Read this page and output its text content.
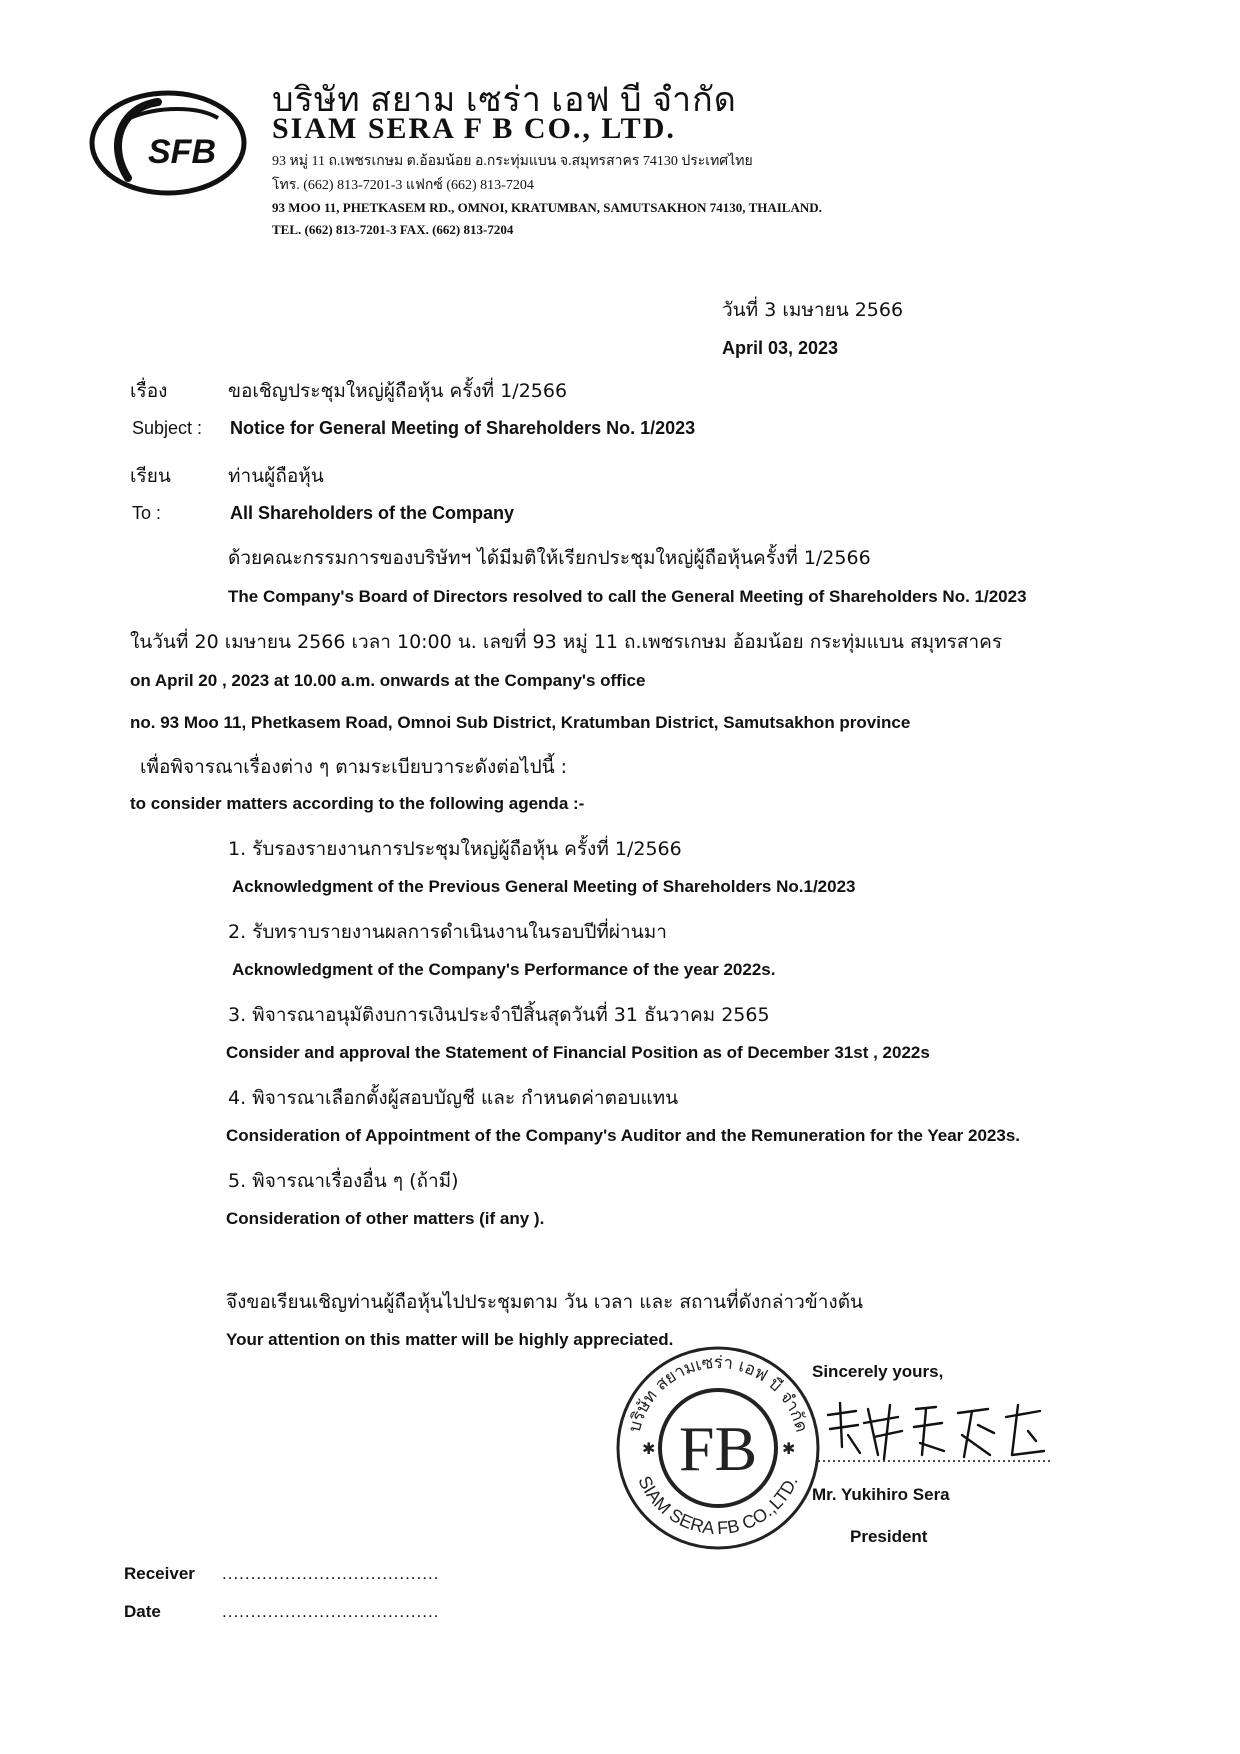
SFB
บริษัท สยาม เซร่า เอฟ บี จำกัด
SIAM SERA F B CO., LTD.
93 หมู่ 11 ถ.เพชรเกษม ต.อ้อมน้อย อ.กระทุ่มแบน จ.สมุทรสาคร 74130 ประเทศไทย
โทร. (662) 813-7201-3 แฟกซ์ (662) 813-7204
93 MOO 11, PHETKASEM RD., OMNOI, KRATUMBAN, SAMUTSAKHON 74130, THAILAND.
TEL. (662) 813-7201-3 FAX. (662) 813-7204
วันที่ 3 เมษายน 2566
April 03, 2023
เรื่อง	ขอเชิญประชุมใหญ่ผู้ถือหุ้น ครั้งที่ 1/2566
Subject : Notice for General Meeting of Shareholders No. 1/2023
เรียน	ท่านผู้ถือหุ้น
To :	All Shareholders of the Company
ด้วยคณะกรรมการของบริษัทฯ ได้มีมติให้เรียกประชุมใหญ่ผู้ถือหุ้นครั้งที่ 1/2566
The Company's Board of Directors resolved to call the General Meeting of Shareholders No. 1/2023
ในวันที่ 20 เมษายน 2566 เวลา 10:00 น. เลขที่ 93 หมู่ 11 ถ.เพชรเกษม อ้อมน้อย กระทุ่มแบน สมุทรสาคร
on April 20 , 2023 at 10.00 a.m. onwards at the Company's office
no. 93 Moo 11, Phetkasem Road, Omnoi Sub District, Kratumban District, Samutsakhon province
เพื่อพิจารณาเรื่องต่าง ๆ ตามระเบียบวาระดังต่อไปนี้ :
to consider matters according to the following agenda :-
1. รับรองรายงานการประชุมใหญ่ผู้ถือหุ้น ครั้งที่ 1/2566
Acknowledgment of the Previous General Meeting of Shareholders No.1/2023
2. รับทราบรายงานผลการดำเนินงานในรอบปีที่ผ่านมา
Acknowledgment of the Company's Performance of the year 2022s.
3. พิจารณาอนุมัติงบการเงินประจำปีสิ้นสุดวันที่ 31 ธันวาคม 2565
Consider and approval the Statement of Financial Position as of December 31st , 2022s
4. พิจารณาเลือกตั้งผู้สอบบัญชี และ กำหนดค่าตอบแทน
Consideration of Appointment of the Company's Auditor and the Remuneration for the Year 2023s.
5. พิจารณาเรื่องอื่น ๆ (ถ้ามี)
Consideration of other matters (if any ).
จึงขอเรียนเชิญท่านผู้ถือหุ้นไปประชุมตาม วัน เวลา และ สถานที่ดังกล่าวข้างต้น
Your attention on this matter will be highly appreciated.
บริษัท สยามเซร่า เอฟ บี จำกัด
SIAM SERA FB CO.,LTD.
FB
✱	✱
Sincerely yours,
Mr. Yukihiro Sera
President
Receiver ......................................
Date	......................................
